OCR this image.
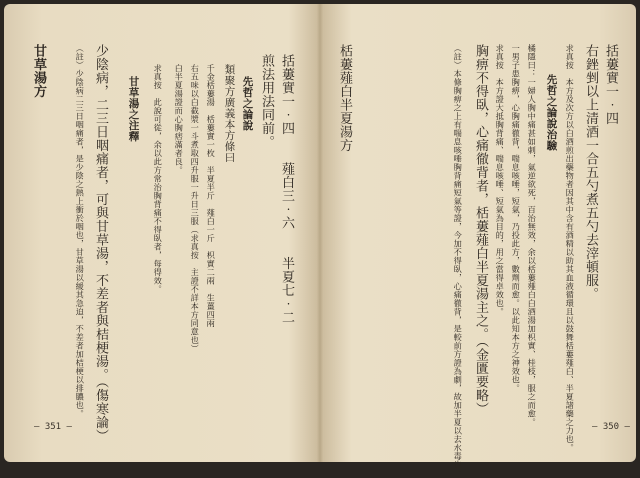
括蔞實一‧四
右銼剉以上清酒一合五勺煮五勺去滓頓服。
求真按　本方及次方以白酒煎出藥物者因其中含有酒精以助其血液循環且以鼓舞栝蔞薤白、半夏諸藥之力也。
先哲之論說治驗
橘隱曰：一婦人胸中痛甚如刺，氣逆欲死，百治無效，余以栝蔞薤白白酒湯加枳實、桂枝，服之而愈。
一男子患胸痹，心胸痛徹背，喘息咳唾，短氣，乃投此方，數劑而愈。以此知本方之神效也。
求真按　本方證大抵胸背痛、喘息咳唾、短氣為目的，用之當得卓效也。
胸痹不得臥，心痛徹背者，栝蔞薤白半夏湯主之。（金匱要略）
（註）本條胸痹之上有喘息咳唾胸背痛短氣等證，今加不得臥，心痛徹背，是較前方證為劇，故加半夏以去水毒也。
栝蔞薤白半夏湯方
— 350 —
括蔞實一‧四　　薤白三‧六　　半夏七‧二
煎法用法同前。
先哲之論說
類聚方廣義本方條曰
千金栝蔞湯　栝蔞實一枚　半夏半斤　薤白一斤　枳實二兩　生薑四兩
右五味以白截漿一斗煮取四升服一升日三服（求真按　主證不詳本方同意也）
白半夏湯證而心胸痞滿者良。
求真按　此說可從，余以此方常治胸背痛不得臥者，每得效。
甘草湯之注釋
少陰病，二三日咽痛者，可與甘草湯，不差者與桔梗湯。（傷寒論）
（註）少陰病二三日咽痛者，是少陰之熱上衝於咽也，甘草湯以緩其急迫，不差者加桔梗以排膿也。
甘草湯方
— 351 —
